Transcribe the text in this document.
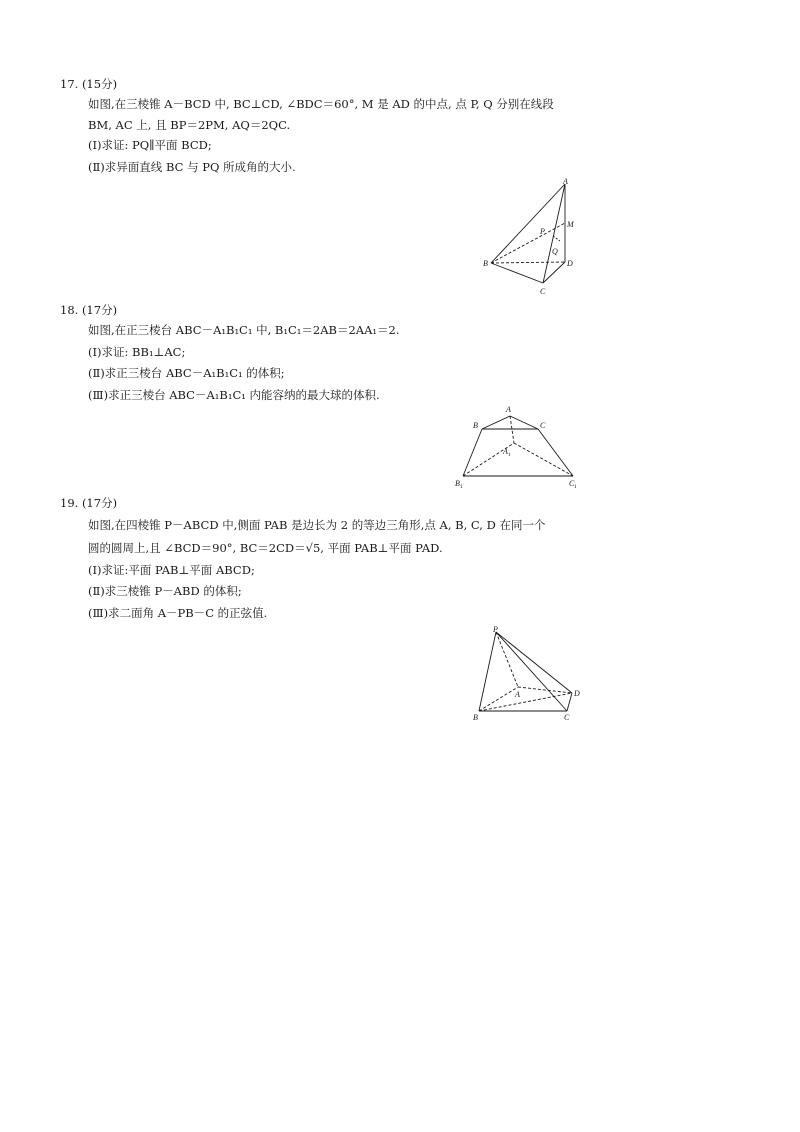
17. (15分)
如图,在三棱锥 A－BCD 中, BC⊥CD, ∠BDC＝60°, M 是 AD 的中点, 点 P, Q 分别在线段
BM, AC 上, 且 BP＝2PM, AQ＝2QC.
(Ⅰ)求证: PQ∥平面 BCD;
(Ⅱ)求异面直线 BC 与 PQ 所成角的大小.
A
M
P
Q
B	D
C
18. (17分)
如图,在正三棱台 ABC－A₁B₁C₁ 中, B₁C₁＝2AB＝2AA₁＝2.
(Ⅰ)求证: BB₁⊥AC;
(Ⅱ)求正三棱台 ABC－A₁B₁C₁ 的体积;
(Ⅲ)求正三棱台 ABC－A₁B₁C₁ 内能容纳的最大球的体积.
A
B	C
A 1
B 1	C 1
19. (17分)
如图,在四棱锥 P－ABCD 中,侧面 PAB 是边长为 2 的等边三角形,点 A, B, C, D 在同一个
圆的圆周上,且 ∠BCD＝90°, BC＝2CD＝√5, 平面 PAB⊥平面 PAD.
(Ⅰ)求证:平面 PAB⊥平面 ABCD;
(Ⅱ)求三棱锥 P－ABD 的体积;
(Ⅲ)求二面角 A－PB－C 的正弦值.
P
A	D
B	C
